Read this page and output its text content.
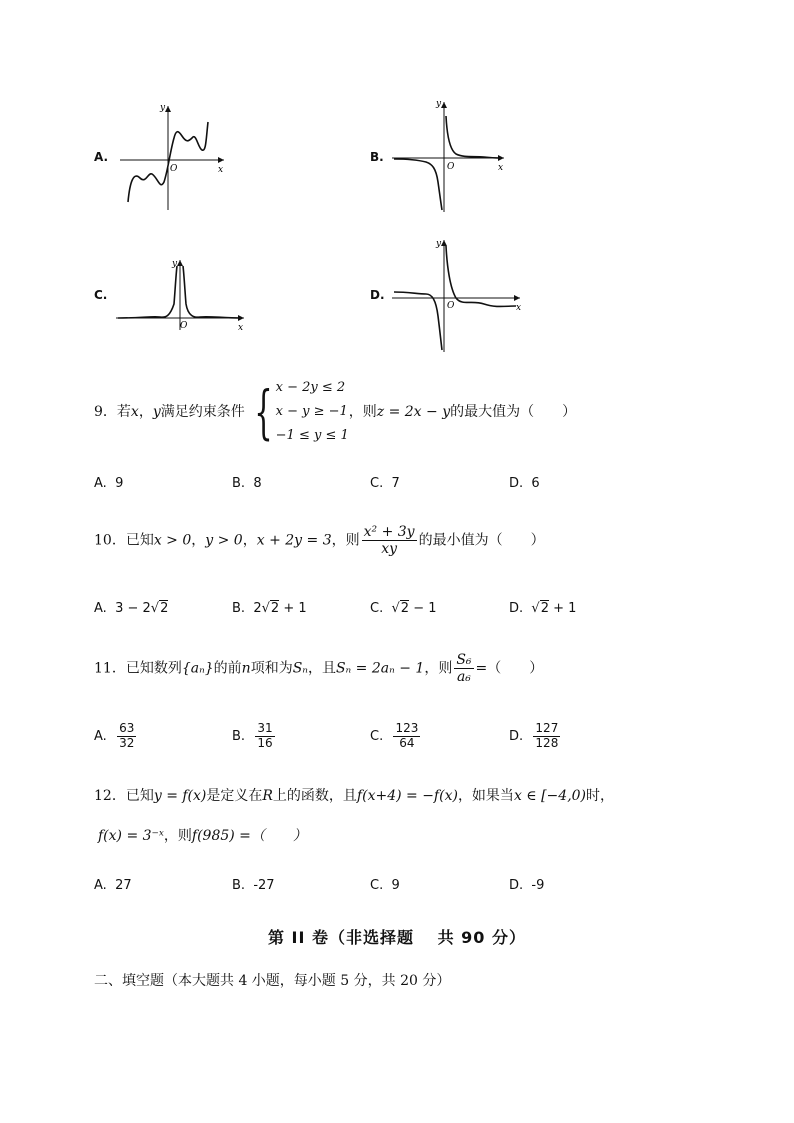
A.
y
x
O
B.
y
x
O
C.
y
x
O
D.
y
x
O
9．若x，y满足约束条件 { x − 2y ≤ 2
x − y ≥ −1
−1 ≤ y ≤ 1
，则z = 2x − y的最大值为（　　）
A. 9	B. 8	C. 7	D. 6
10．已知x > 0，y > 0，x + 2y = 3，则 $\frac{\text{x² + 3y}}{xy}$ 的最小值为（　　）
A. 3 − 2√2	B. 2√2 + 1	C. √2 − 1	D. √2 + 1
11．已知数列{aₙ}的前n项和为Sₙ，且Sₙ = 2aₙ − 1，则 $\frac{\text{S₆}}{\text{a₆}}$ =（　　）
A. $\frac{63}{32}$	B. $\frac{31}{16}$	C. $\frac{123}{64}$	D. $\frac{127}{128}$
12．已知y = f(x)是定义在R上的函数，且f(x+4) = −f(x)，如果当x ∈ [−4,0)时，
f(x) = 3⁻ˣ，则f(985) =（　　）
A. 27	B. -27	C. 9	D. -9
第 II 卷（非选择题　 共 90 分）
二、填空题（本大题共 4 小题，每小题 5 分，共 20 分）
